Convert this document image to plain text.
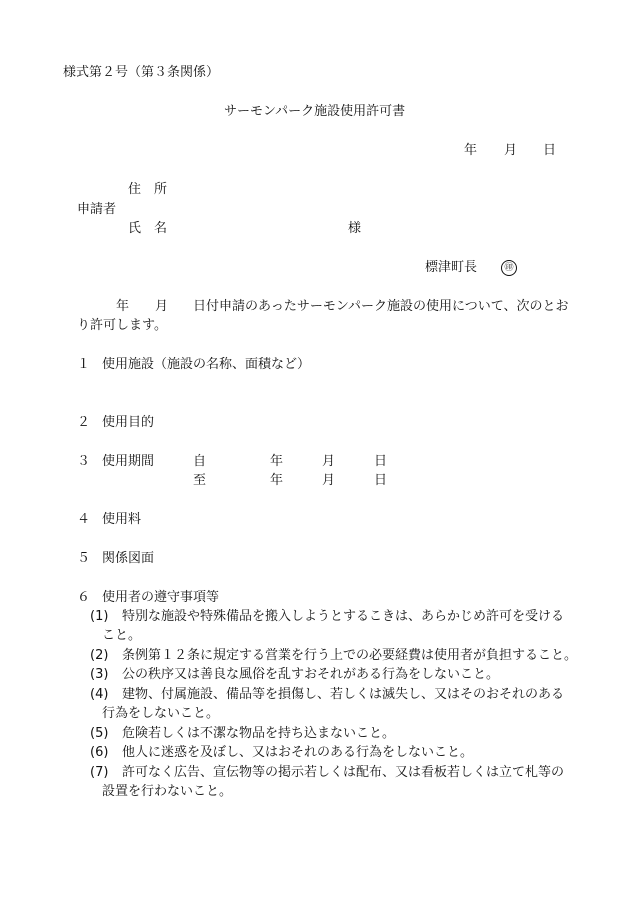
様式第２号（第３条関係）
サーモンパーク施設使用許可書
年 月 日
住　所
申請者
氏　名	様
標津町長	㊞
年 月 日付申請のあったサーモンパーク施設の使用について、次のとお
り許可します。
１ 使用施設（施設の名称、面積など）
２ 使用目的
３ 使用期間	自	年	月	日
至	年	月	日
４ 使用料
５ 関係図面
６ 使用者の遵守事項等
(1) 特別な施設や特殊備品を搬入しようとするこきは、あらかじめ許可を受ける
こと。
(2) 条例第１２条に規定する営業を行う上での必要経費は使用者が負担すること。
(3) 公の秩序又は善良な風俗を乱すおそれがある行為をしないこと。
(4) 建物、付属施設、備品等を損傷し、若しくは滅失し、又はそのおそれのある
行為をしないこと。
(5) 危険若しくは不潔な物品を持ち込まないこと。
(6) 他人に迷惑を及ぼし、又はおそれのある行為をしないこと。
(7) 許可なく広告、宣伝物等の掲示若しくは配布、又は看板若しくは立て札等の
設置を行わないこと。
